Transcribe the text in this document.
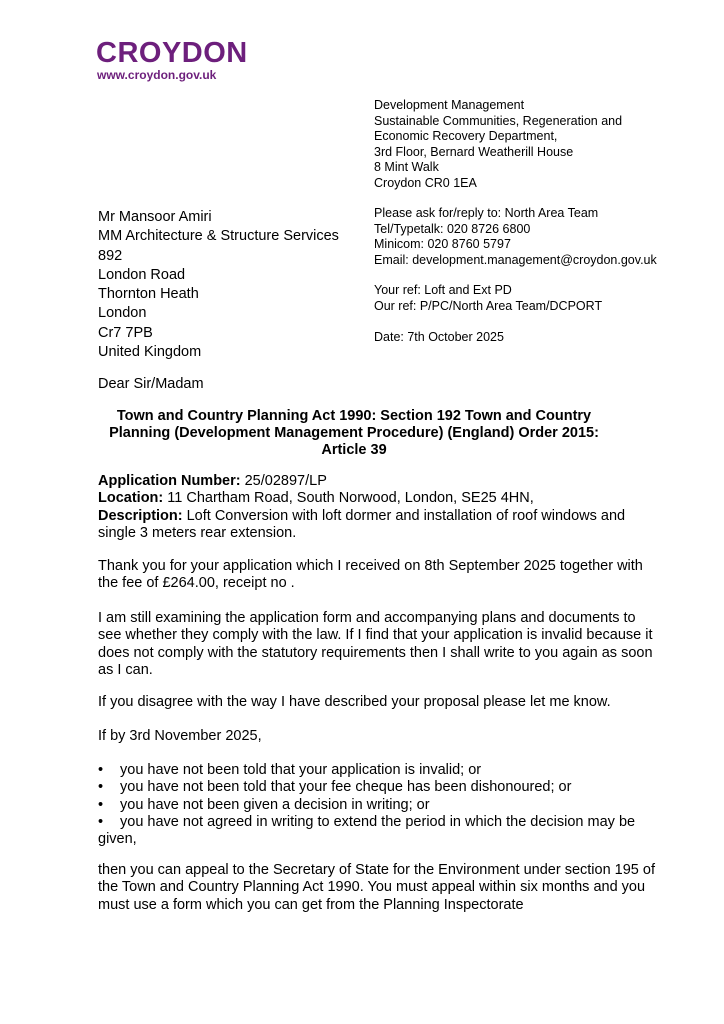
CROYDON
www.croydon.gov.uk
Development Management
Sustainable Communities, Regeneration and
Economic Recovery Department,
3rd Floor, Bernard Weatherill House
8 Mint Walk
Croydon CR0 1EA
Please ask for/reply to: North Area Team
Tel/Typetalk: 020 8726 6800
Minicom: 020 8760 5797
Email: development.management@croydon.gov.uk
Your ref: Loft and Ext PD
Our ref: P/PC/North Area Team/DCPORT
Date: 7th October 2025
Mr Mansoor Amiri
MM Architecture & Structure Services
892
London Road
Thornton Heath
London
Cr7 7PB
United Kingdom
Dear Sir/Madam
Town and Country Planning Act 1990: Section 192 Town and Country Planning (Development Management Procedure) (England) Order 2015: Article 39
Application Number: 25/02897/LP
Location: 11 Chartham Road, South Norwood, London, SE25 4HN,
Description: Loft Conversion with loft dormer and installation of roof windows and single 3 meters rear extension.
Thank you for your application which I received on 8th September 2025 together with the fee of £264.00, receipt no .
I am still examining the application form and accompanying plans and documents to see whether they comply with the law. If I find that your application is invalid because it does not comply with the statutory requirements then I shall write to you again as soon as I can.
If you disagree with the way I have described your proposal please let me know.
If by 3rd November 2025,
• you have not been told that your application is invalid; or
• you have not been told that your fee cheque has been dishonoured; or
• you have not been given a decision in writing; or
• you have not agreed in writing to extend the period in which the decision may be given,
then you can appeal to the Secretary of State for the Environment under section 195 of the Town and Country Planning Act 1990. You must appeal within six months and you must use a form which you can get from the Planning Inspectorate
